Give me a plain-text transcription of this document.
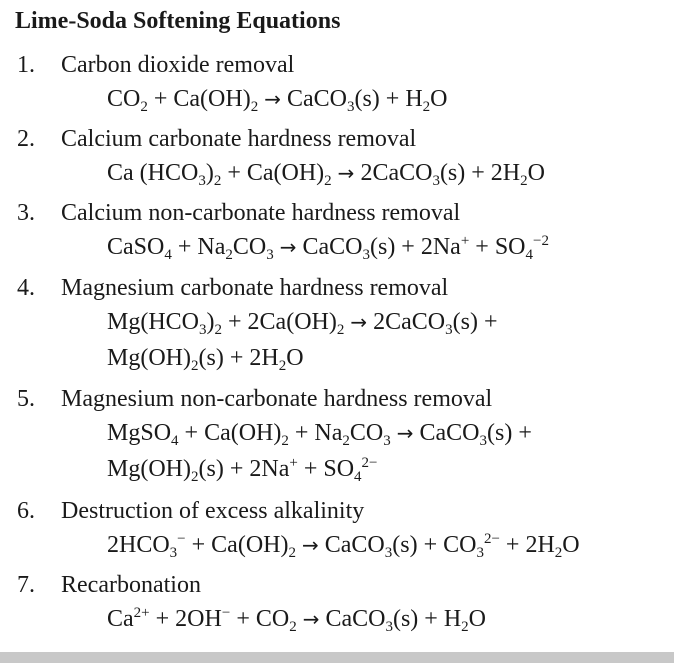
Lime-Soda Softening Equations
1. Carbon dioxide removal
$CO_2 + Ca(OH)_2$ → CaCO$_3$(s) + $H_2O$
2. Calcium carbonate hardness removal
Ca $(HCO_3)_2 + Ca(OH)_2$ → 2CaCO$_3$(s) + $2H_2O$
3. Calcium non-carbonate hardness removal
CaSO$_4$ + $Na_2CO_3$ → CaCO$_3$(s) + $2Na^+ + SO_4^{-2}$
4. Magnesium carbonate hardness removal
$Mg(HCO_3)_2 + 2Ca(OH)_2$ → 2CaCO$_3$(s) +
$Mg(OH)_2(s) + 2H_2O$
5. Magnesium non-carbonate hardness removal
MgSO$_4$ + $Ca(OH)_2 + Na_2CO_3$ → CaCO$_3$(s) +
$Mg(OH)_2(s) + 2Na^+ + SO_4^{2-}$
6. Destruction of excess alkalinity
$2HCO_3^- + Ca(OH)_2$ → CaCO$_3$(s) + $CO_3^{2-} + 2H_2O$
7. Recarbonation
$Ca^{2+} + 2OH^- + CO_2$ → CaCO$_3$(s) + $H_2O$
